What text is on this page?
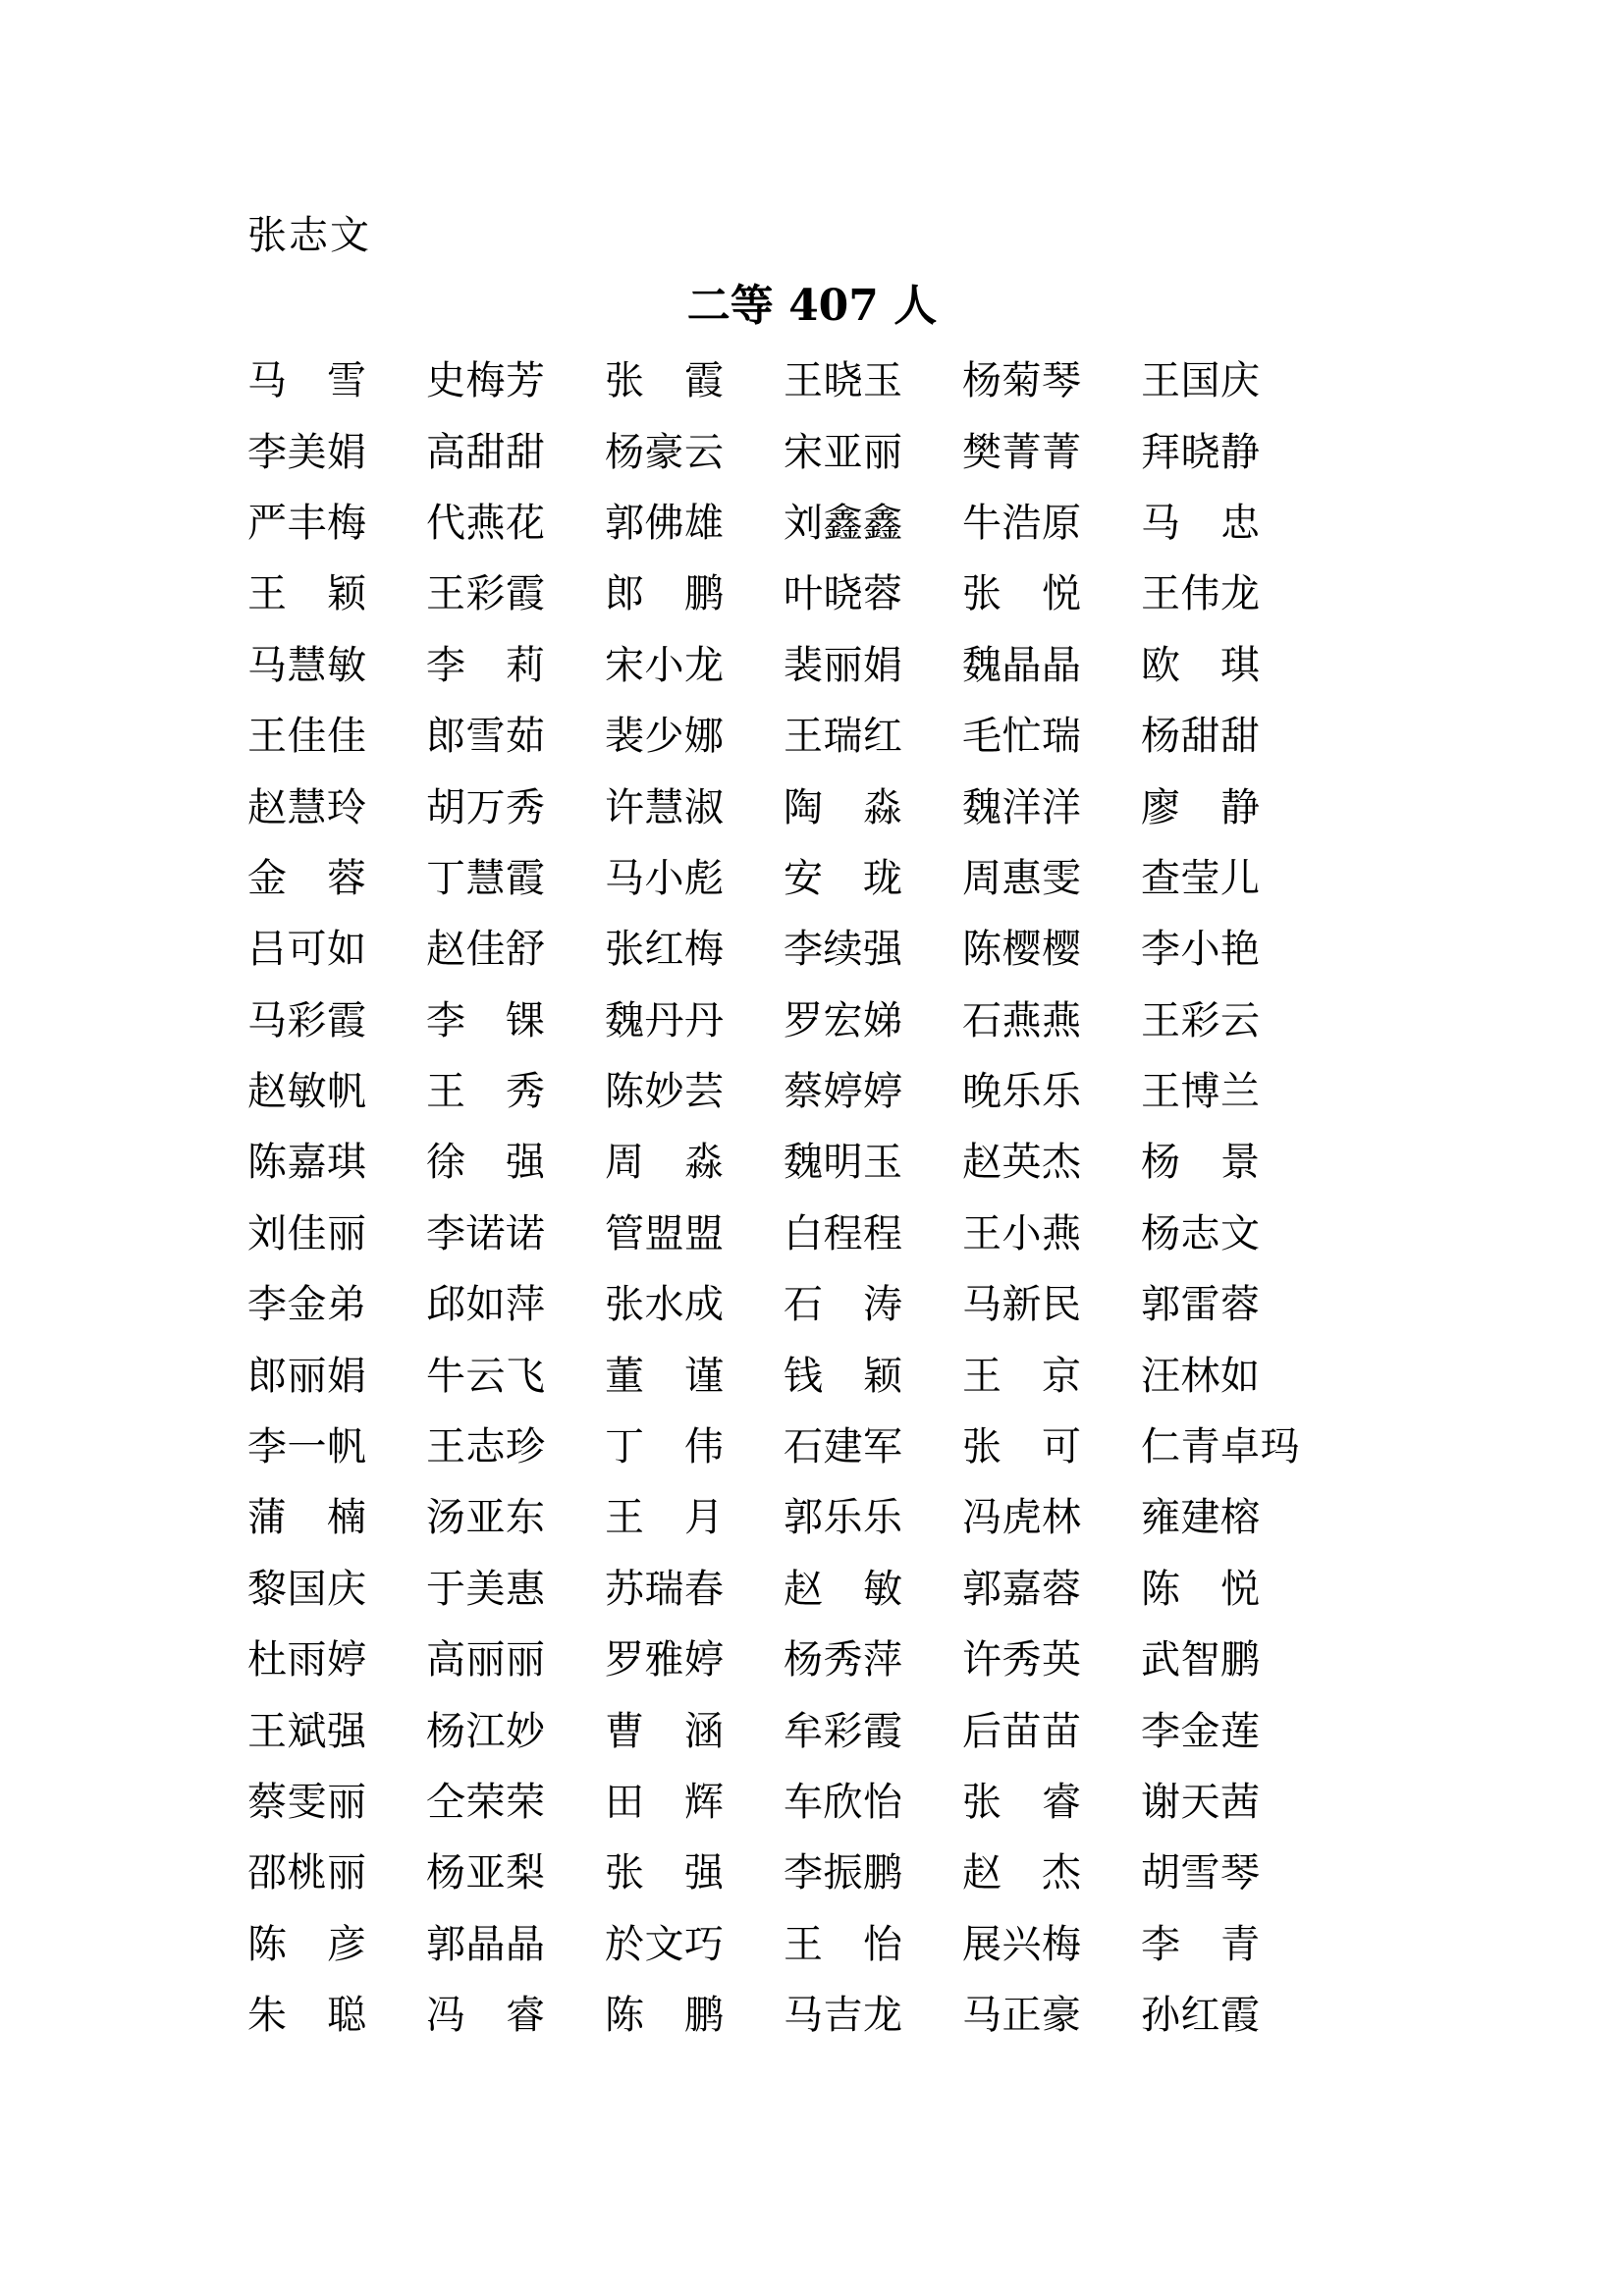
张志文
二等 407 人
马　雪	史梅芳	张　霞	王晓玉	杨菊琴	王国庆
李美娟	高甜甜	杨豪云	宋亚丽	樊菁菁	拜晓静
严丰梅	代燕花	郭佛雄	刘鑫鑫	牛浩原	马　忠
王　颖	王彩霞	郎　鹏	叶晓蓉	张　悦	王伟龙
马慧敏	李　莉	宋小龙	裴丽娟	魏晶晶	欧　琪
王佳佳	郎雪茹	裴少娜	王瑞红	毛忙瑞	杨甜甜
赵慧玲	胡万秀	许慧淑	陶　淼	魏洋洋	廖　静
金　蓉	丁慧霞	马小彪	安　珑	周惠雯	查莹儿
吕可如	赵佳舒	张红梅	李续强	陈樱樱	李小艳
马彩霞	李　锞	魏丹丹	罗宏娣	石燕燕	王彩云
赵敏帆	王　秀	陈妙芸	蔡婷婷	晚乐乐	王博兰
陈嘉琪	徐　强	周　淼	魏明玉	赵英杰	杨　景
刘佳丽	李诺诺	管盟盟	白程程	王小燕	杨志文
李金弟	邱如萍	张水成	石　涛	马新民	郭雷蓉
郎丽娟	牛云飞	董　谨	钱　颖	王　京	汪林如
李一帆	王志珍	丁　伟	石建军	张　可	仁青卓玛
蒲　楠	汤亚东	王　月	郭乐乐	冯虎林	雍建榕
黎国庆	于美惠	苏瑞春	赵　敏	郭嘉蓉	陈　悦
杜雨婷	高丽丽	罗雅婷	杨秀萍	许秀英	武智鹏
王斌强	杨江妙	曹　涵	牟彩霞	后苗苗	李金莲
蔡雯丽	仝荣荣	田　辉	车欣怡	张　睿	谢天茜
邵桃丽	杨亚梨	张　强	李振鹏	赵　杰	胡雪琴
陈　彦	郭晶晶	於文巧	王　怡	展兴梅	李　青
朱　聪	冯　睿	陈　鹏	马吉龙	马正豪	孙红霞
